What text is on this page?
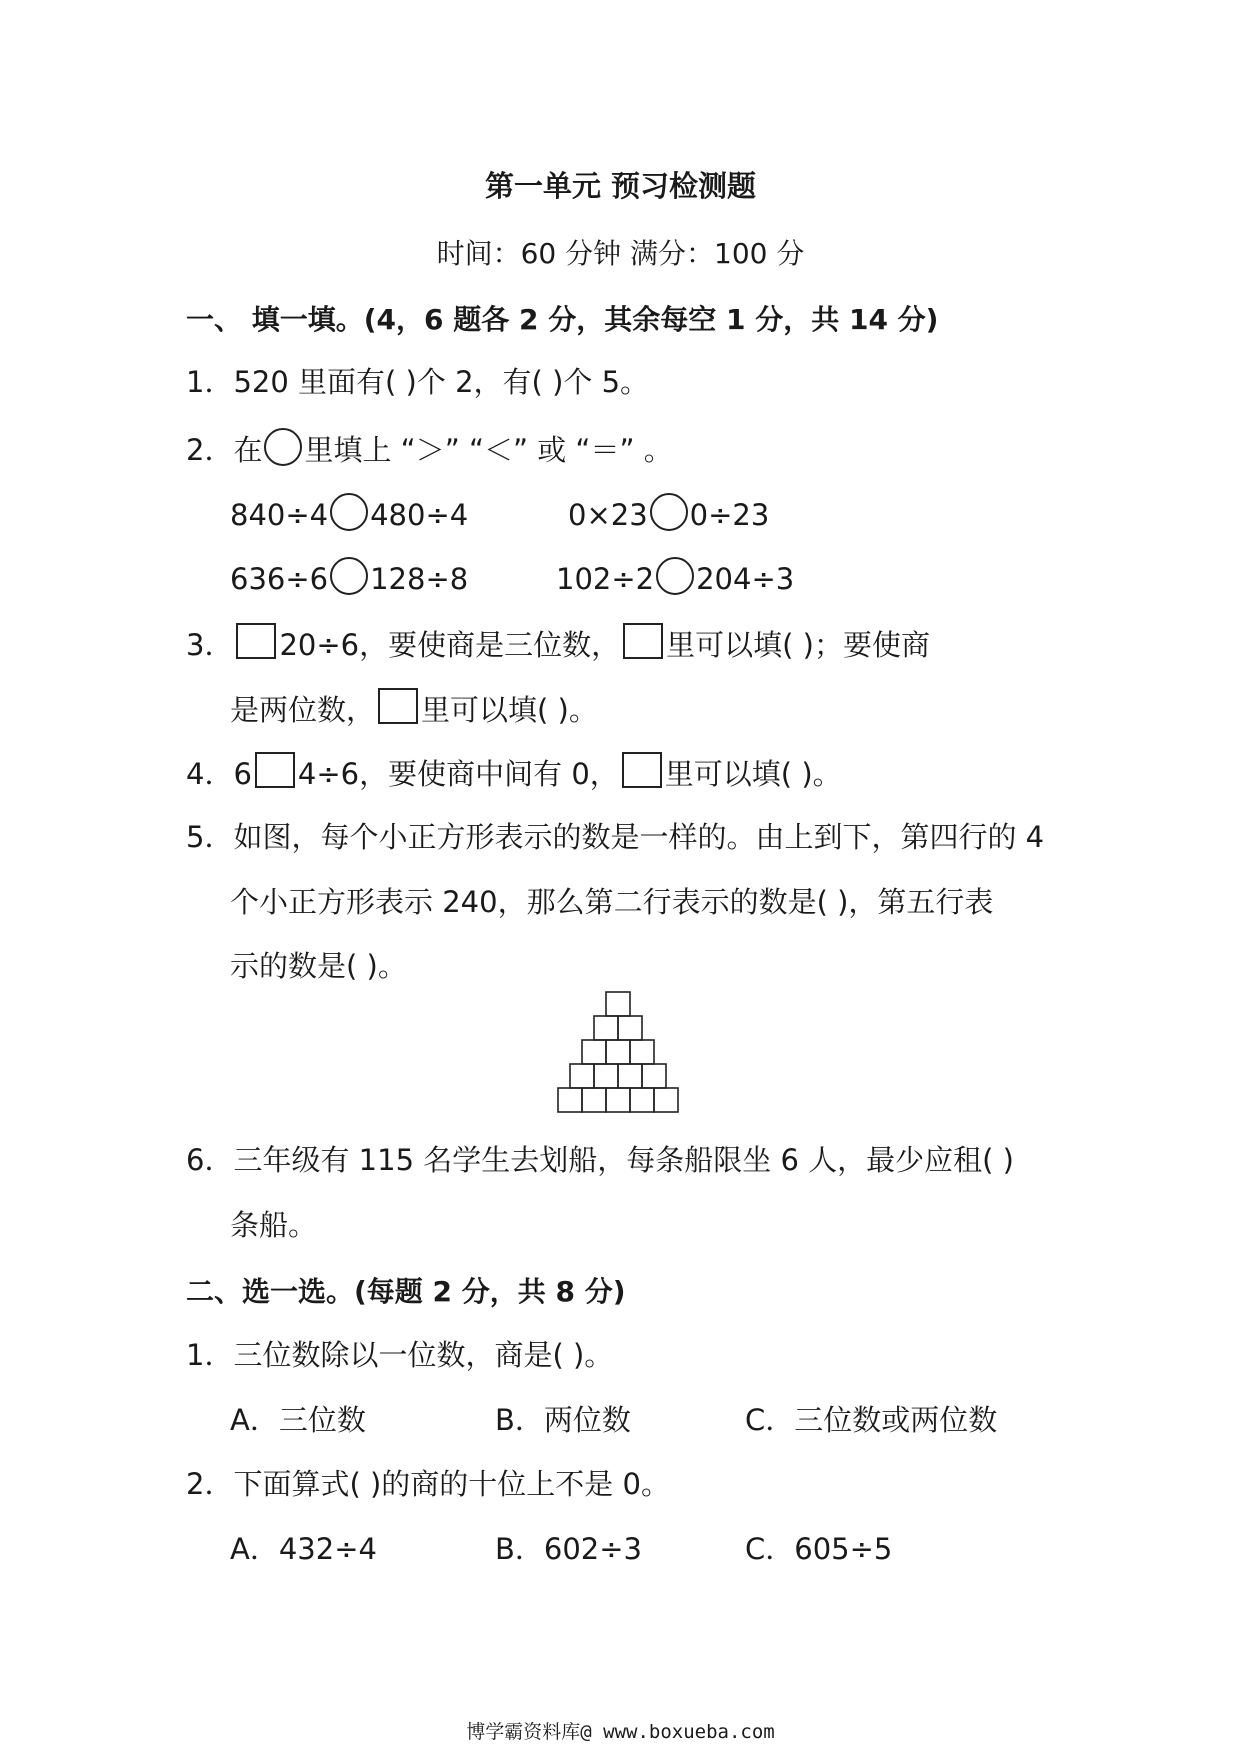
第一单元 预习检测题
时间：60 分钟 满分：100 分
一、 填一填。(4，6 题各 2 分，其余每空 1 分，共 14 分)
1．520 里面有( )个 2，有( )个 5。
2．在 里填上 “＞” “＜” 或 “＝” 。
840÷4 480÷4	0×23 0÷23
636÷6 128÷8	102÷2 204÷3
3． 20÷6，要使商是三位数， 里可以填( )；要使商
是两位数， 里可以填( )。
4．6 4÷6，要使商中间有 0， 里可以填( )。
5．如图，每个小正方形表示的数是一样的。由上到下，第四行的 4
个小正方形表示 240，那么第二行表示的数是( )，第五行表
示的数是( )。
6．三年级有 115 名学生去划船，每条船限坐 6 人，最少应租( )
条船。
二、选一选。(每题 2 分，共 8 分)
1．三位数除以一位数，商是( )。
A．三位数	B．两位数	C．三位数或两位数
2．下面算式( )的商的十位上不是 0。
A．432÷4	B．602÷3	C．605÷5
博学霸资料库@ www.boxueba.com
